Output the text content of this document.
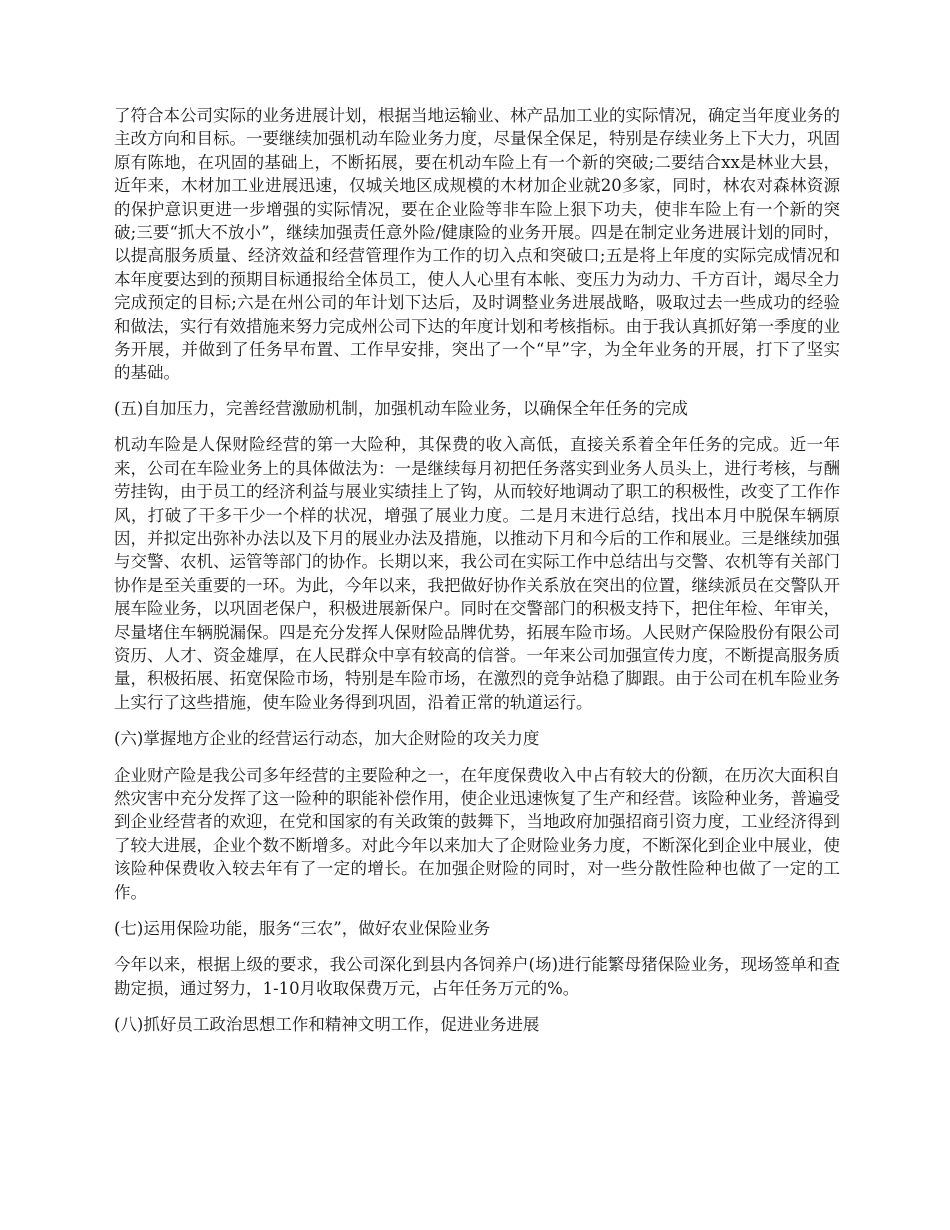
了符合本公司实际的业务进展计划，根据当地运输业、林产品加工业的实际情况，确定当年度业务的主改方向和目标。一要继续加强机动车险业务力度，尽量保全保足，特别是存续业务上下大力，巩固原有陈地，在巩固的基础上，不断拓展，要在机动车险上有一个新的突破;二要结合xx是林业大县，近年来，木材加工业进展迅速，仅城关地区成规模的木材加企业就20多家，同时，林农对森林资源的保护意识更进一步增强的实际情况，要在企业险等非车险上狠下功夫，使非车险上有一个新的突破;三要“抓大不放小”，继续加强责任意外险/健康险的业务开展。四是在制定业务进展计划的同时，以提高服务质量、经济效益和经营管理作为工作的切入点和突破口;五是将上年度的实际完成情况和本年度要达到的预期目标通报给全体员工，使人人心里有本帐、变压力为动力、千方百计，竭尽全力完成预定的目标;六是在州公司的年计划下达后，及时调整业务进展战略，吸取过去一些成功的经验和做法，实行有效措施来努力完成州公司下达的年度计划和考核指标。由于我认真抓好第一季度的业务开展，并做到了任务早布置、工作早安排，突出了一个“早”字，为全年业务的开展，打下了坚实的基础。

(五)自加压力，完善经营激励机制，加强机动车险业务，以确保全年任务的完成

机动车险是人保财险经营的第一大险种，其保费的收入高低，直接关系着全年任务的完成。近一年来，公司在车险业务上的具体做法为：一是继续每月初把任务落实到业务人员头上，进行考核，与酬劳挂钩，由于员工的经济利益与展业实绩挂上了钩，从而较好地调动了职工的积极性，改变了工作作风，打破了干多干少一个样的状况，增强了展业力度。二是月末进行总结，找出本月中脱保车辆原因，并拟定出弥补办法以及下月的展业办法及措施，以推动下月和今后的工作和展业。三是继续加强与交警、农机、运管等部门的协作。长期以来，我公司在实际工作中总结出与交警、农机等有关部门协作是至关重要的一环。为此，今年以来，我把做好协作关系放在突出的位置，继续派员在交警队开展车险业务，以巩固老保户，积极进展新保户。同时在交警部门的积极支持下，把住年检、年审关，尽量堵住车辆脱漏保。四是充分发挥人保财险品牌优势，拓展车险市场。人民财产保险股份有限公司资历、人才、资金雄厚，在人民群众中享有较高的信誉。一年来公司加强宣传力度，不断提高服务质量，积极拓展、拓宽保险市场，特别是车险市场，在激烈的竞争站稳了脚跟。由于公司在机车险业务上实行了这些措施，使车险业务得到巩固，沿着正常的轨道运行。

(六)掌握地方企业的经营运行动态，加大企财险的攻关力度

企业财产险是我公司多年经营的主要险种之一，在年度保费收入中占有较大的份额，在历次大面积自然灾害中充分发挥了这一险种的职能补偿作用，使企业迅速恢复了生产和经营。该险种业务，普遍受到企业经营者的欢迎，在党和国家的有关政策的鼓舞下，当地政府加强招商引资力度，工业经济得到了较大进展，企业个数不断增多。对此今年以来加大了企财险业务力度，不断深化到企业中展业，使该险种保费收入较去年有了一定的增长。在加强企财险的同时，对一些分散性险种也做了一定的工作。

(七)运用保险功能，服务“三农”，做好农业保险业务

今年以来，根据上级的要求，我公司深化到县内各饲养户(场)进行能繁母猪保险业务，现场签单和查勘定损，通过努力，1-10月收取保费万元，占年任务万元的%。

(八)抓好员工政治思想工作和精神文明工作，促进业务进展
